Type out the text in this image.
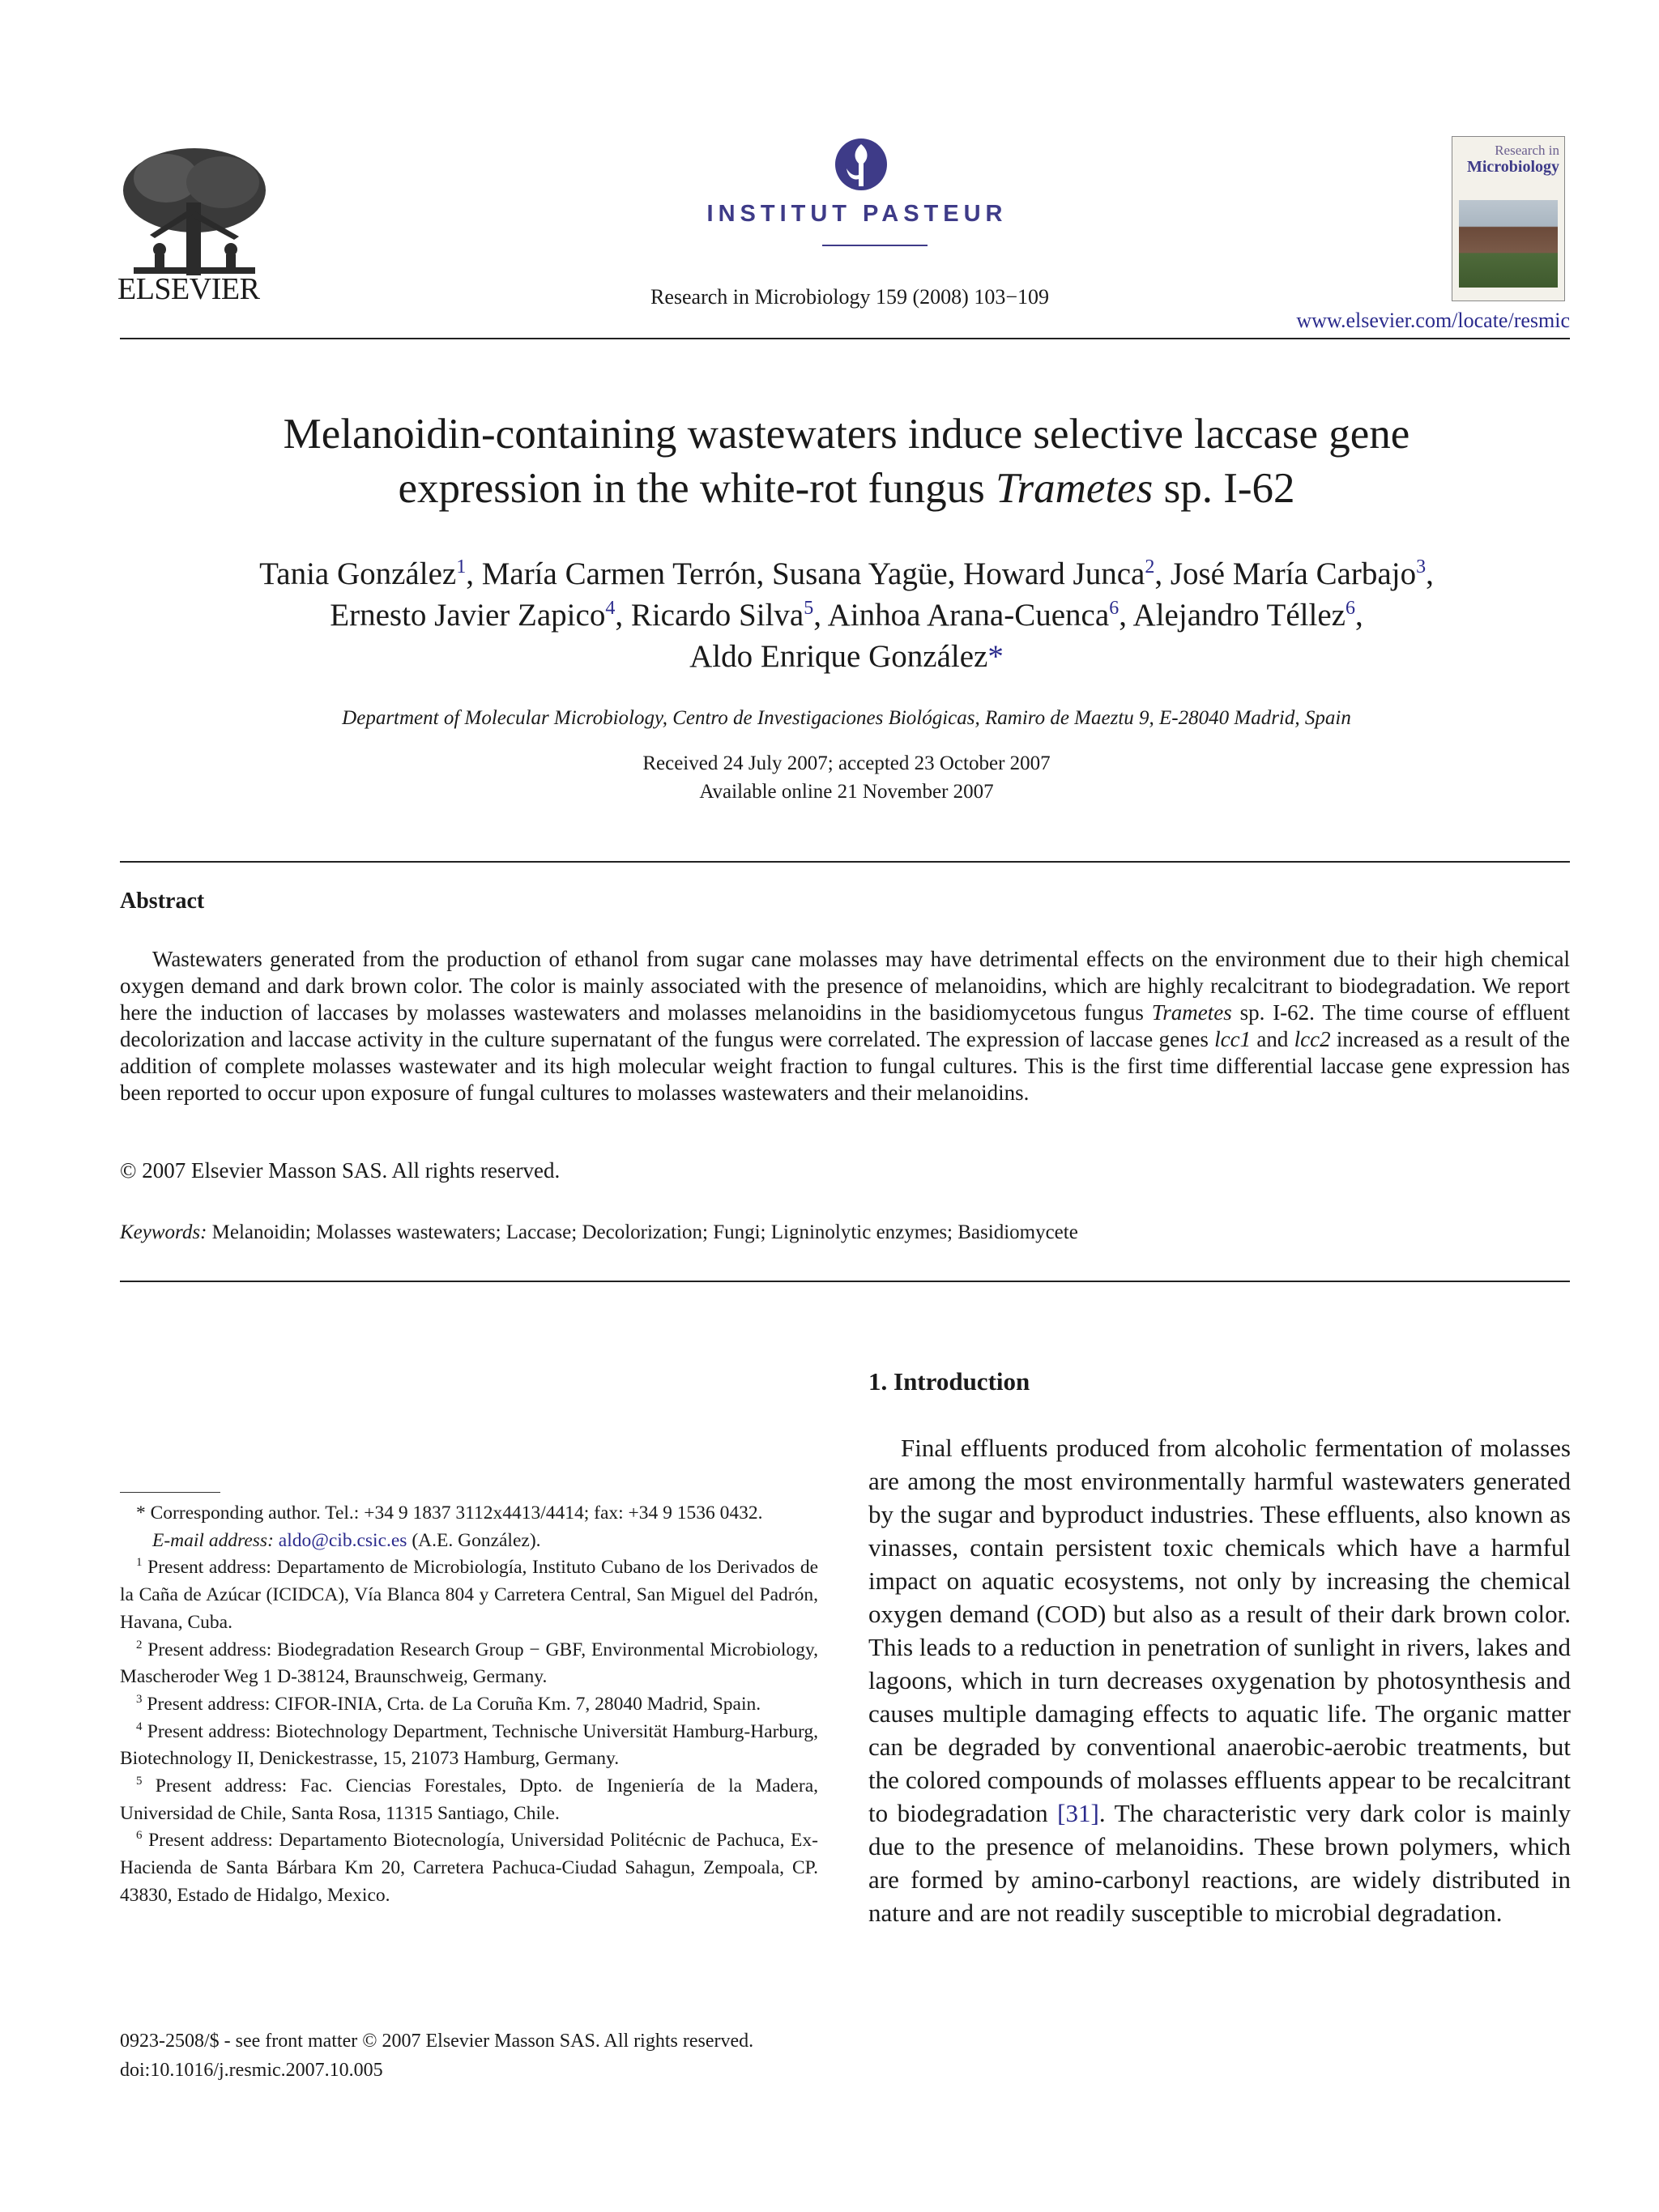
ELSEVIER
INSTITUT PASTEUR
Research in Microbiology 159 (2008) 103−109
Research in
Microbiology
www.elsevier.com/locate/resmic
Melanoidin-containing wastewaters induce selective laccase gene
expression in the white-rot fungus Trametes sp. I-62
Tania González$^1$, María Carmen Terrón, Susana Yagüe, Howard Junca$^2$, José María Carbajo$^3$,
Ernesto Javier Zapico$^4$, Ricardo Silva$^5$, Ainhoa Arana-Cuenca$^6$, Alejandro Téllez$^6$,
Aldo Enrique González*
Department of Molecular Microbiology, Centro de Investigaciones Biológicas, Ramiro de Maeztu 9, E-28040 Madrid, Spain
Received 24 July 2007; accepted 23 October 2007
Available online 21 November 2007
Abstract
Wastewaters generated from the production of ethanol from sugar cane molasses may have detrimental effects on the environment due to their high chemical oxygen demand and dark brown color. The color is mainly associated with the presence of melanoidins, which are highly recalcitrant to biodegradation. We report here the induction of laccases by molasses wastewaters and molasses melanoidins in the basidiomycetous fungus Trametes sp. I-62. The time course of effluent decolorization and laccase activity in the culture supernatant of the fungus were correlated. The expression of laccase genes lcc1 and lcc2 increased as a result of the addition of complete molasses wastewater and its high molecular weight fraction to fungal cultures. This is the first time differential laccase gene expression has been reported to occur upon exposure of fungal cultures to molasses wastewaters and their melanoidins.
© 2007 Elsevier Masson SAS. All rights reserved.
Keywords: Melanoidin; Molasses wastewaters; Laccase; Decolorization; Fungi; Ligninolytic enzymes; Basidiomycete
1. Introduction
Final effluents produced from alcoholic fermentation of molasses are among the most environmentally harmful wastewaters generated by the sugar and byproduct industries. These effluents, also known as vinasses, contain persistent toxic chemicals which have a harmful impact on aquatic ecosystems, not only by increasing the chemical oxygen demand (COD) but also as a result of their dark brown color. This leads to a reduction in penetration of sunlight in rivers, lakes and lagoons, which in turn decreases oxygenation by photosynthesis and causes multiple damaging effects to aquatic life. The organic matter can be degraded by conventional anaerobic-aerobic treatments, but the colored compounds of molasses effluents appear to be recalcitrant to biodegradation [31]. The characteristic very dark color is mainly due to the presence of melanoidins. These brown polymers, which are formed by amino-carbonyl reactions, are widely distributed in nature and are not readily susceptible to microbial degradation.

* Corresponding author. Tel.: +34 9 1837 3112x4413/4414; fax: +34 9 1536 0432.

E-mail address: aldo@cib.csic.es (A.E. González).

$^1$ Present address: Departamento de Microbiología, Instituto Cubano de los Derivados de la Caña de Azúcar (ICIDCA), Vía Blanca 804 y Carretera Central, San Miguel del Padrón, Havana, Cuba.

$^2$ Present address: Biodegradation Research Group − GBF, Environmental Microbiology, Mascheroder Weg 1 D-38124, Braunschweig, Germany.

$^3$ Present address: CIFOR-INIA, Crta. de La Coruña Km. 7, 28040 Madrid, Spain.

$^4$ Present address: Biotechnology Department, Technische Universität Hamburg-Harburg, Biotechnology II, Denickestrasse, 15, 21073 Hamburg, Germany.

$^5$ Present address: Fac. Ciencias Forestales, Dpto. de Ingeniería de la Madera, Universidad de Chile, Santa Rosa, 11315 Santiago, Chile.

$^6$ Present address: Departamento Biotecnología, Universidad Politécnic de Pachuca, Ex-Hacienda de Santa Bárbara Km 20, Carretera Pachuca-Ciudad Sahagun, Zempoala, CP. 43830, Estado de Hidalgo, Mexico.

0923-2508/$ - see front matter © 2007 Elsevier Masson SAS. All rights reserved.
doi:10.1016/j.resmic.2007.10.005
